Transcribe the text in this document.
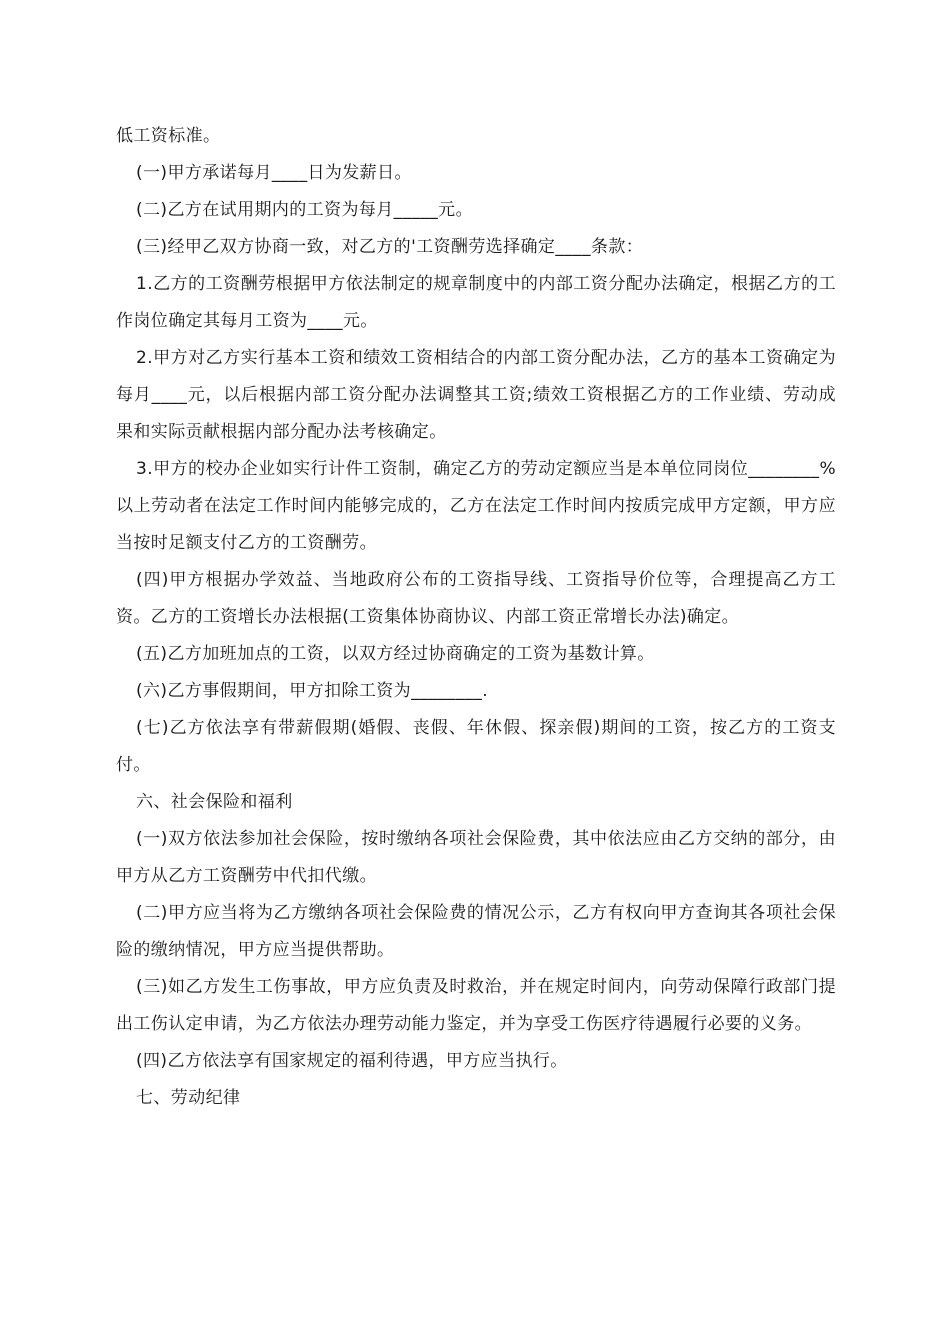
低工资标准。

(一)甲方承诺每月____日为发薪日。

(二)乙方在试用期内的工资为每月_____元。

(三)经甲乙双方协商一致，对乙方的'工资酬劳选择确定____条款：

1.乙方的工资酬劳根据甲方依法制定的规章制度中的内部工资分配办法确定，根据乙方的工作岗位确定其每月工资为____元。

2.甲方对乙方实行基本工资和绩效工资相结合的内部工资分配办法，乙方的基本工资确定为每月____元，以后根据内部工资分配办法调整其工资;绩效工资根据乙方的工作业绩、劳动成果和实际贡献根据内部分配办法考核确定。

3.甲方的校办企业如实行计件工资制，确定乙方的劳动定额应当是本单位同岗位________%以上劳动者在法定工作时间内能够完成的，乙方在法定工作时间内按质完成甲方定额，甲方应当按时足额支付乙方的工资酬劳。

(四)甲方根据办学效益、当地政府公布的工资指导线、工资指导价位等，合理提高乙方工资。乙方的工资增长办法根据(工资集体协商协议、内部工资正常增长办法)确定。

(五)乙方加班加点的工资，以双方经过协商确定的工资为基数计算。

(六)乙方事假期间，甲方扣除工资为________.

(七)乙方依法享有带薪假期(婚假、丧假、年休假、探亲假)期间的工资，按乙方的工资支付。

六、社会保险和福利

(一)双方依法参加社会保险，按时缴纳各项社会保险费，其中依法应由乙方交纳的部分，由甲方从乙方工资酬劳中代扣代缴。

(二)甲方应当将为乙方缴纳各项社会保险费的情况公示，乙方有权向甲方查询其各项社会保险的缴纳情况，甲方应当提供帮助。

(三)如乙方发生工伤事故，甲方应负责及时救治，并在规定时间内，向劳动保障行政部门提出工伤认定申请，为乙方依法办理劳动能力鉴定，并为享受工伤医疗待遇履行必要的义务。

(四)乙方依法享有国家规定的福利待遇，甲方应当执行。

七、劳动纪律
